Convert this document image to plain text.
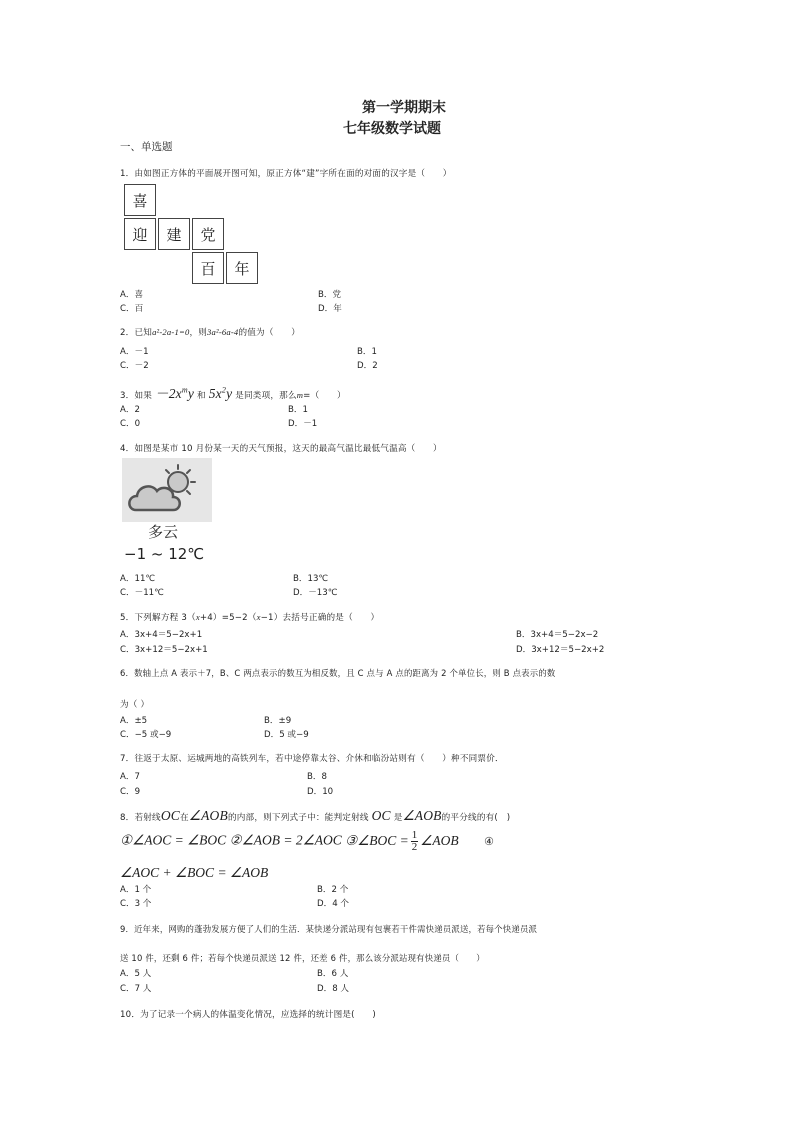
第一学期期末
七年级数学试题
一、单选题
1．由如图正方体的平面展开图可知，原正方体“建”字所在面的对面的汉字是（　　）
喜
迎	建	党
百	年
A．喜	B．党
C．百	D．年
2．已知a²-2a-1=0，则3a²-6a-4的值为（　　）
A．－1	B．1
C．－2	D．2
3．如果 $-2x^my$ 和 $5x^2y$ 是同类项，那么m=（　　）
A．2	B．1
C．0	D．－1
4．如图是某市 10 月份某一天的天气预报，这天的最高气温比最低气温高（　　）
多云
−1 ~ 12℃
A．11℃	B．13℃
C．－11℃	D．－13℃
5．下列解方程 3（x+4）=5−2（x−1）去括号正确的是（　　）
A．3x+4＝5−2x+1	B．3x+4＝5−2x−2
C．3x+12＝5−2x+1	D．3x+12＝5−2x+2
6．数轴上点 A 表示＋7，B、C 两点表示的数互为相反数，且 C 点与 A 点的距离为 2 个单位长，则 B 点表示的数
为（ ）
A．±5	B．±9
C．−5 或−9	D．5 或−9
7．往返于太原、运城两地的高铁列车，若中途停靠太谷、介休和临汾站则有（　　）种不同票价．
A．7	B．8
C．9	D．10
8．若射线OC在∠AOB的内部，则下列式子中：能判定射线 OC 是∠AOB的平分线的有(　)
①∠AOC = ∠BOC ②∠AOB = 2∠AOC ③∠BOC = $\frac{1}{2}$ ∠AOB ④
∠AOC + ∠BOC = ∠AOB
A．1 个	B．2 个
C．3 个	D．4 个
9．近年来，网购的蓬勃发展方便了人们的生活．某快递分派站现有包裹若干件需快递员派送，若每个快递员派
送 10 件，还剩 6 件；若每个快递员派送 12 件，还差 6 件，那么该分派站现有快递员（　　）
A．5 人	B．6 人
C．7 人	D．8 人
10．为了记录一个病人的体温变化情况，应选择的统计图是(　　)
